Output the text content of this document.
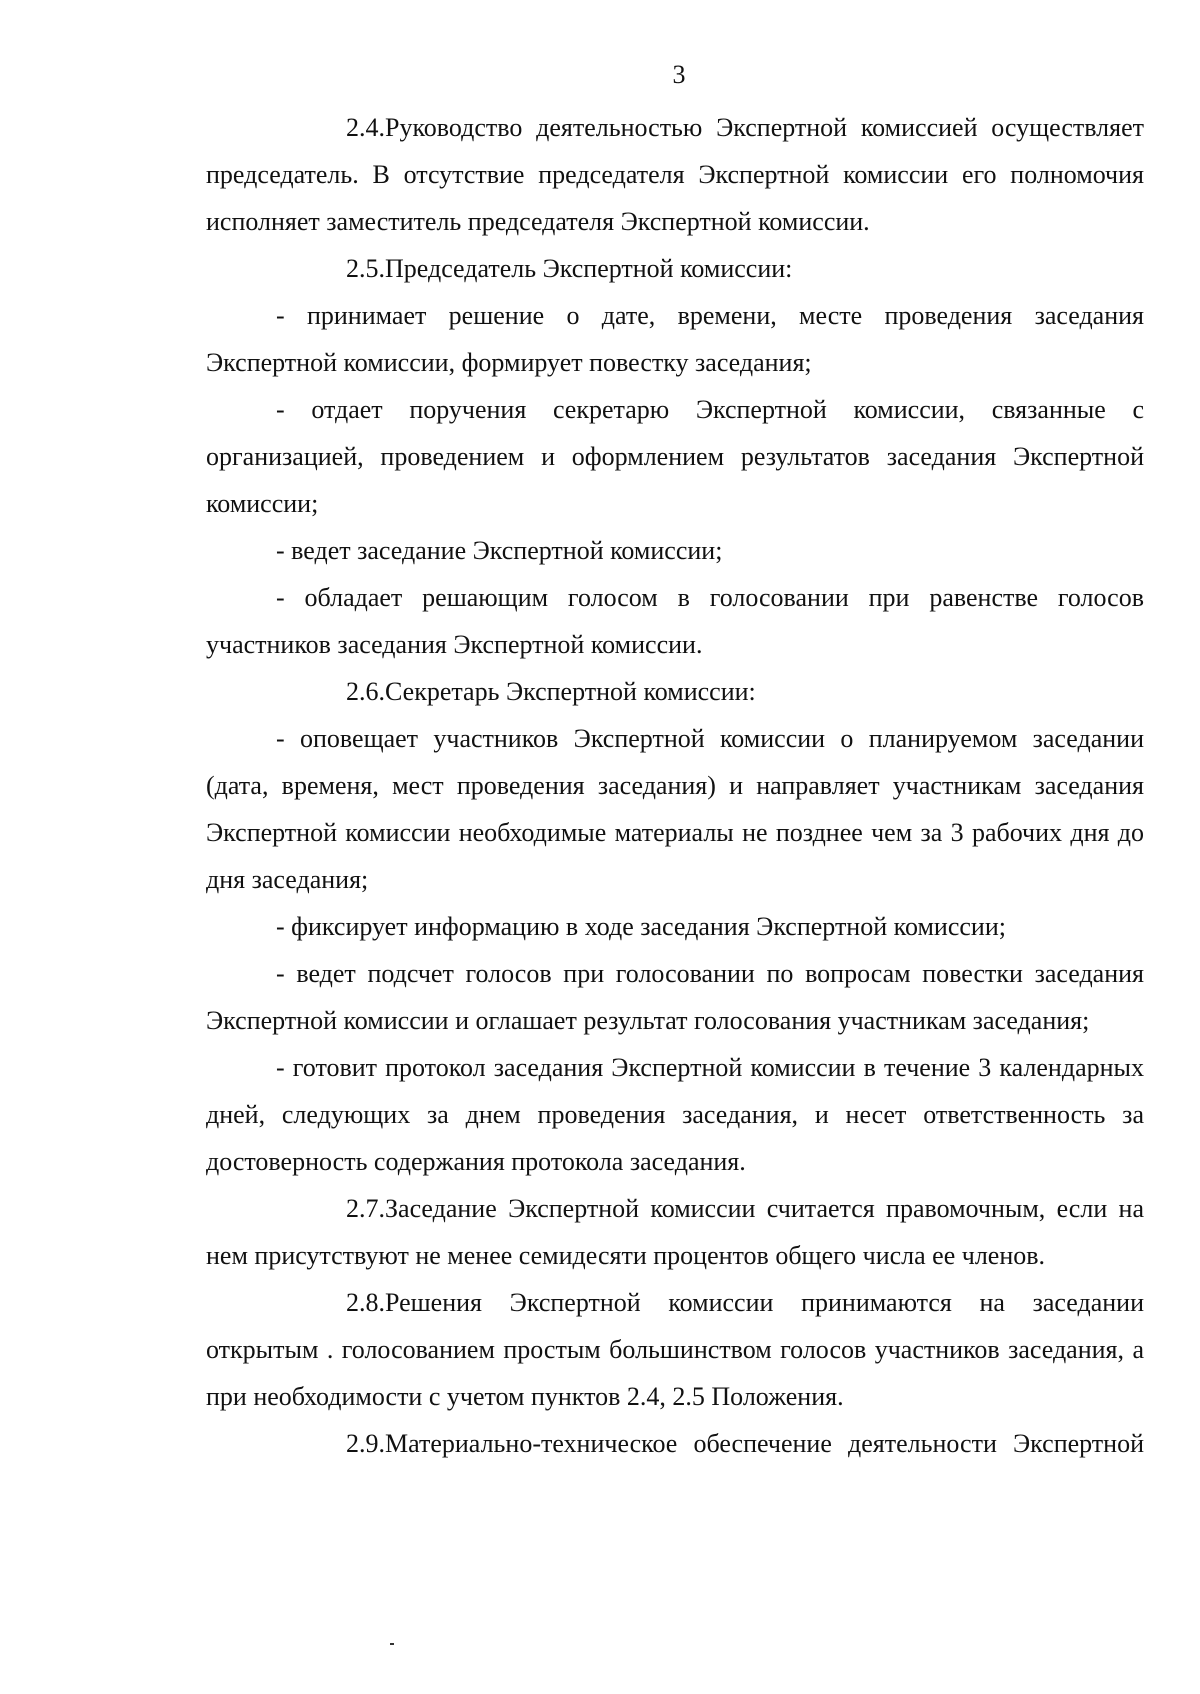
3

2.4.Руководство деятельностью Экспертной комиссией осуществляет председатель. В отсутствие председателя Экспертной комиссии его полномочия исполняет заместитель председателя Экспертной комиссии.

2.5.Председатель Экспертной комиссии:

- принимает решение о дате, времени, месте проведения заседания Экспертной комиссии, формирует повестку заседания;

- отдает поручения секретарю Экспертной комиссии, связанные с организацией, проведением и оформлением результатов заседания Экспертной комиссии;

- ведет заседание Экспертной комиссии;

- обладает решающим голосом в голосовании при равенстве голосов участников заседания Экспертной комиссии.

2.6.Секретарь Экспертной комиссии:

- оповещает участников Экспертной комиссии о планируемом заседании (дата, временя, мест проведения заседания) и направляет участникам заседания Экспертной комиссии необходимые материалы не позднее чем за 3 рабочих дня до дня заседания;

- фиксирует информацию в ходе заседания Экспертной комиссии;

- ведет подсчет голосов при голосовании по вопросам повестки заседания Экспертной комиссии и оглашает результат голосования участникам заседания;

- готовит протокол заседания Экспертной комиссии в течение 3 календарных дней, следующих за днем проведения заседания, и несет ответственность за достоверность содержания протокола заседания.

2.7.Заседание Экспертной комиссии считается правомочным, если на нем присутствуют не менее семидесяти процентов общего числа ее членов.

2.8.Решения Экспертной комиссии принимаются на заседании открытым . голосованием простым большинством голосов участников заседания, а при необходимости с учетом пунктов 2.4, 2.5 Положения.

2.9.Материально-техническое обеспечение деятельности Экспертной
